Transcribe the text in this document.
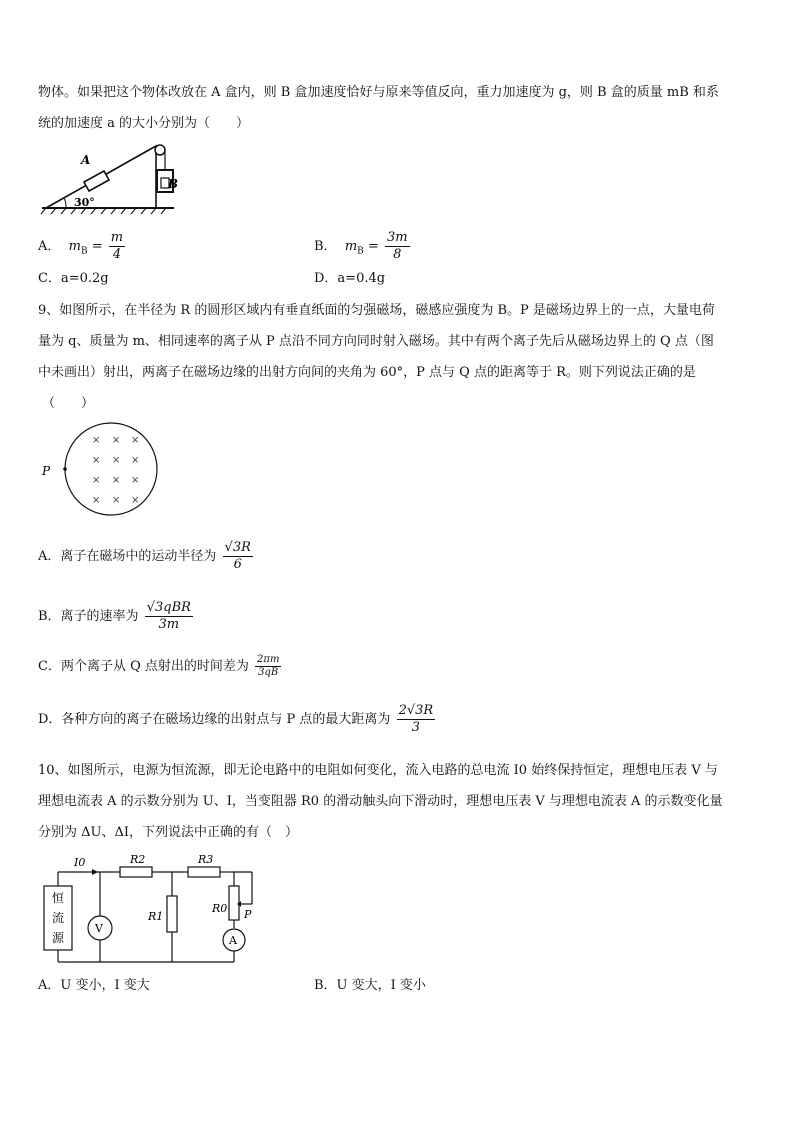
物体。如果把这个物体改放在 A 盒内，则 B 盒加速度恰好与原来等值反向，重力加速度为 g，则 B 盒的质量 mB 和系
统的加速度 a 的大小分别为（　　）
A
B
30°
A． $m_B = \frac{m}{4}$	B． $m_B = \frac{3m}{8}$
C．a=0.2g	D．a=0.4g
9、如图所示，在半径为 R 的圆形区域内有垂直纸面的匀强磁场，磁感应强度为 B。P 是磁场边界上的一点，大量电荷
量为 q、质量为 m、相同速率的离子从 P 点沿不同方向同时射入磁场。其中有两个离子先后从磁场边界上的 Q 点（图
中未画出）射出，两离子在磁场边缘的出射方向间的夹角为 60°，P 点与 Q 点的距离等于 R。则下列说法正确的是
（　　）
P
× × ×
× × ×
× × ×
× × ×
A．离子在磁场中的运动半径为 $\frac{√3R}{6}$
B．离子的速率为 $\frac{\text{√3qBR}}{3m}$
C．两个离子从 Q 点射出的时间差为 $\frac{2\pi m}{3qB}$
D．各种方向的离子在磁场边缘的出射点与 P 点的最大距离为 $\frac{2√3R}{3}$
10、如图所示，电源为恒流源，即无论电路中的电阻如何变化，流入电路的总电流 I0 始终保持恒定，理想电压表 V 与
理想电流表 A 的示数分别为 U、I，当变阻器 R0 的滑动触头向下滑动时，理想电压表 V 与理想电流表 A 的示数变化量
分别为 ΔU、ΔI，下列说法中正确的有（　）
恒
流
源
I0	R2	R3
R1
R0 P
V
A
A．U 变小，I 变大	B．U 变大，I 变小
